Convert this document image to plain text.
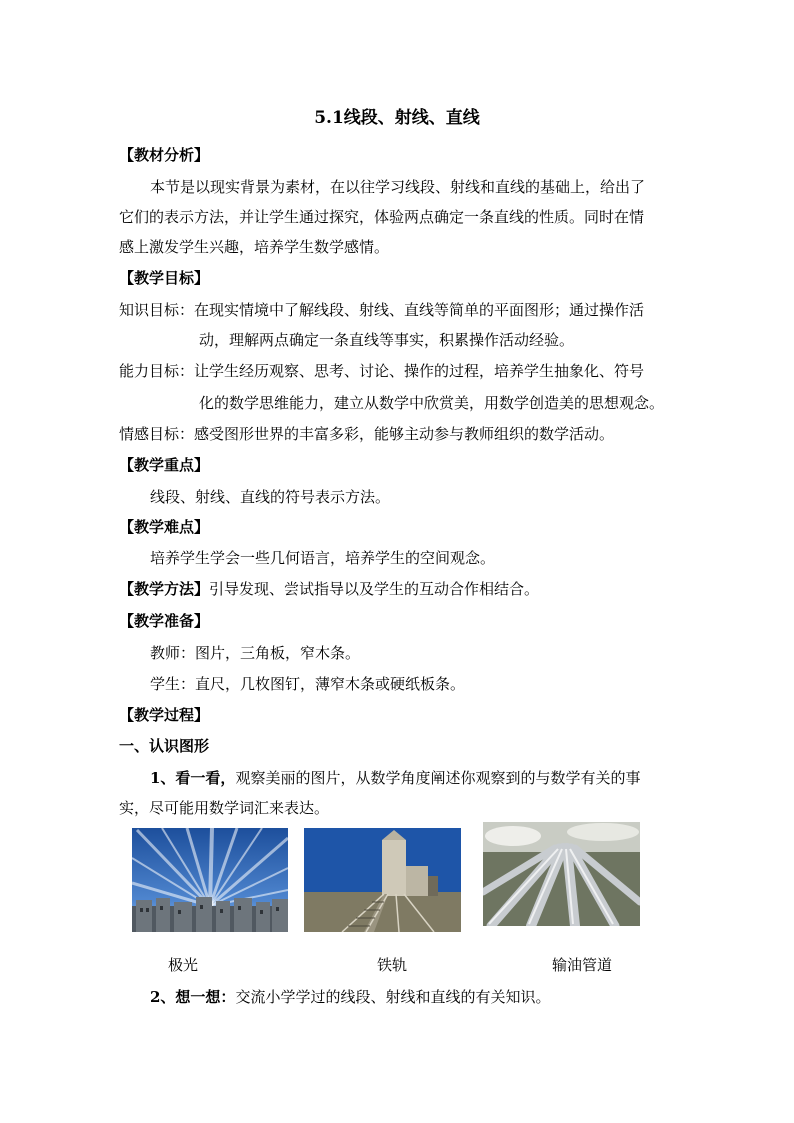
5.1线段、射线、直线
【教材分析】
本节是以现实背景为素材，在以往学习线段、射线和直线的基础上，给出了
它们的表示方法，并让学生通过探究，体验两点确定一条直线的性质。同时在情
感上激发学生兴趣，培养学生数学感情。
【教学目标】
知识目标：在现实情境中了解线段、射线、直线等简单的平面图形；通过操作活
动，理解两点确定一条直线等事实，积累操作活动经验。
能力目标：让学生经历观察、思考、讨论、操作的过程，培养学生抽象化、符号
化的数学思维能力，建立从数学中欣赏美，用数学创造美的思想观念。
情感目标：感受图形世界的丰富多彩，能够主动参与教师组织的数学活动。
【教学重点】
线段、射线、直线的符号表示方法。
【教学难点】
培养学生学会一些几何语言，培养学生的空间观念。
【教学方法】引导发现、尝试指导以及学生的互动合作相结合。
【教学准备】
教师：图片，三角板，窄木条。
学生：直尺，几枚图钉，薄窄木条或硬纸板条。
【教学过程】
一、认识图形
1、看一看，观察美丽的图片，从数学角度阐述你观察到的与数学有关的事
实，尽可能用数学词汇来表达。
极光	铁轨	输油管道
2、想一想：交流小学学过的线段、射线和直线的有关知识。
